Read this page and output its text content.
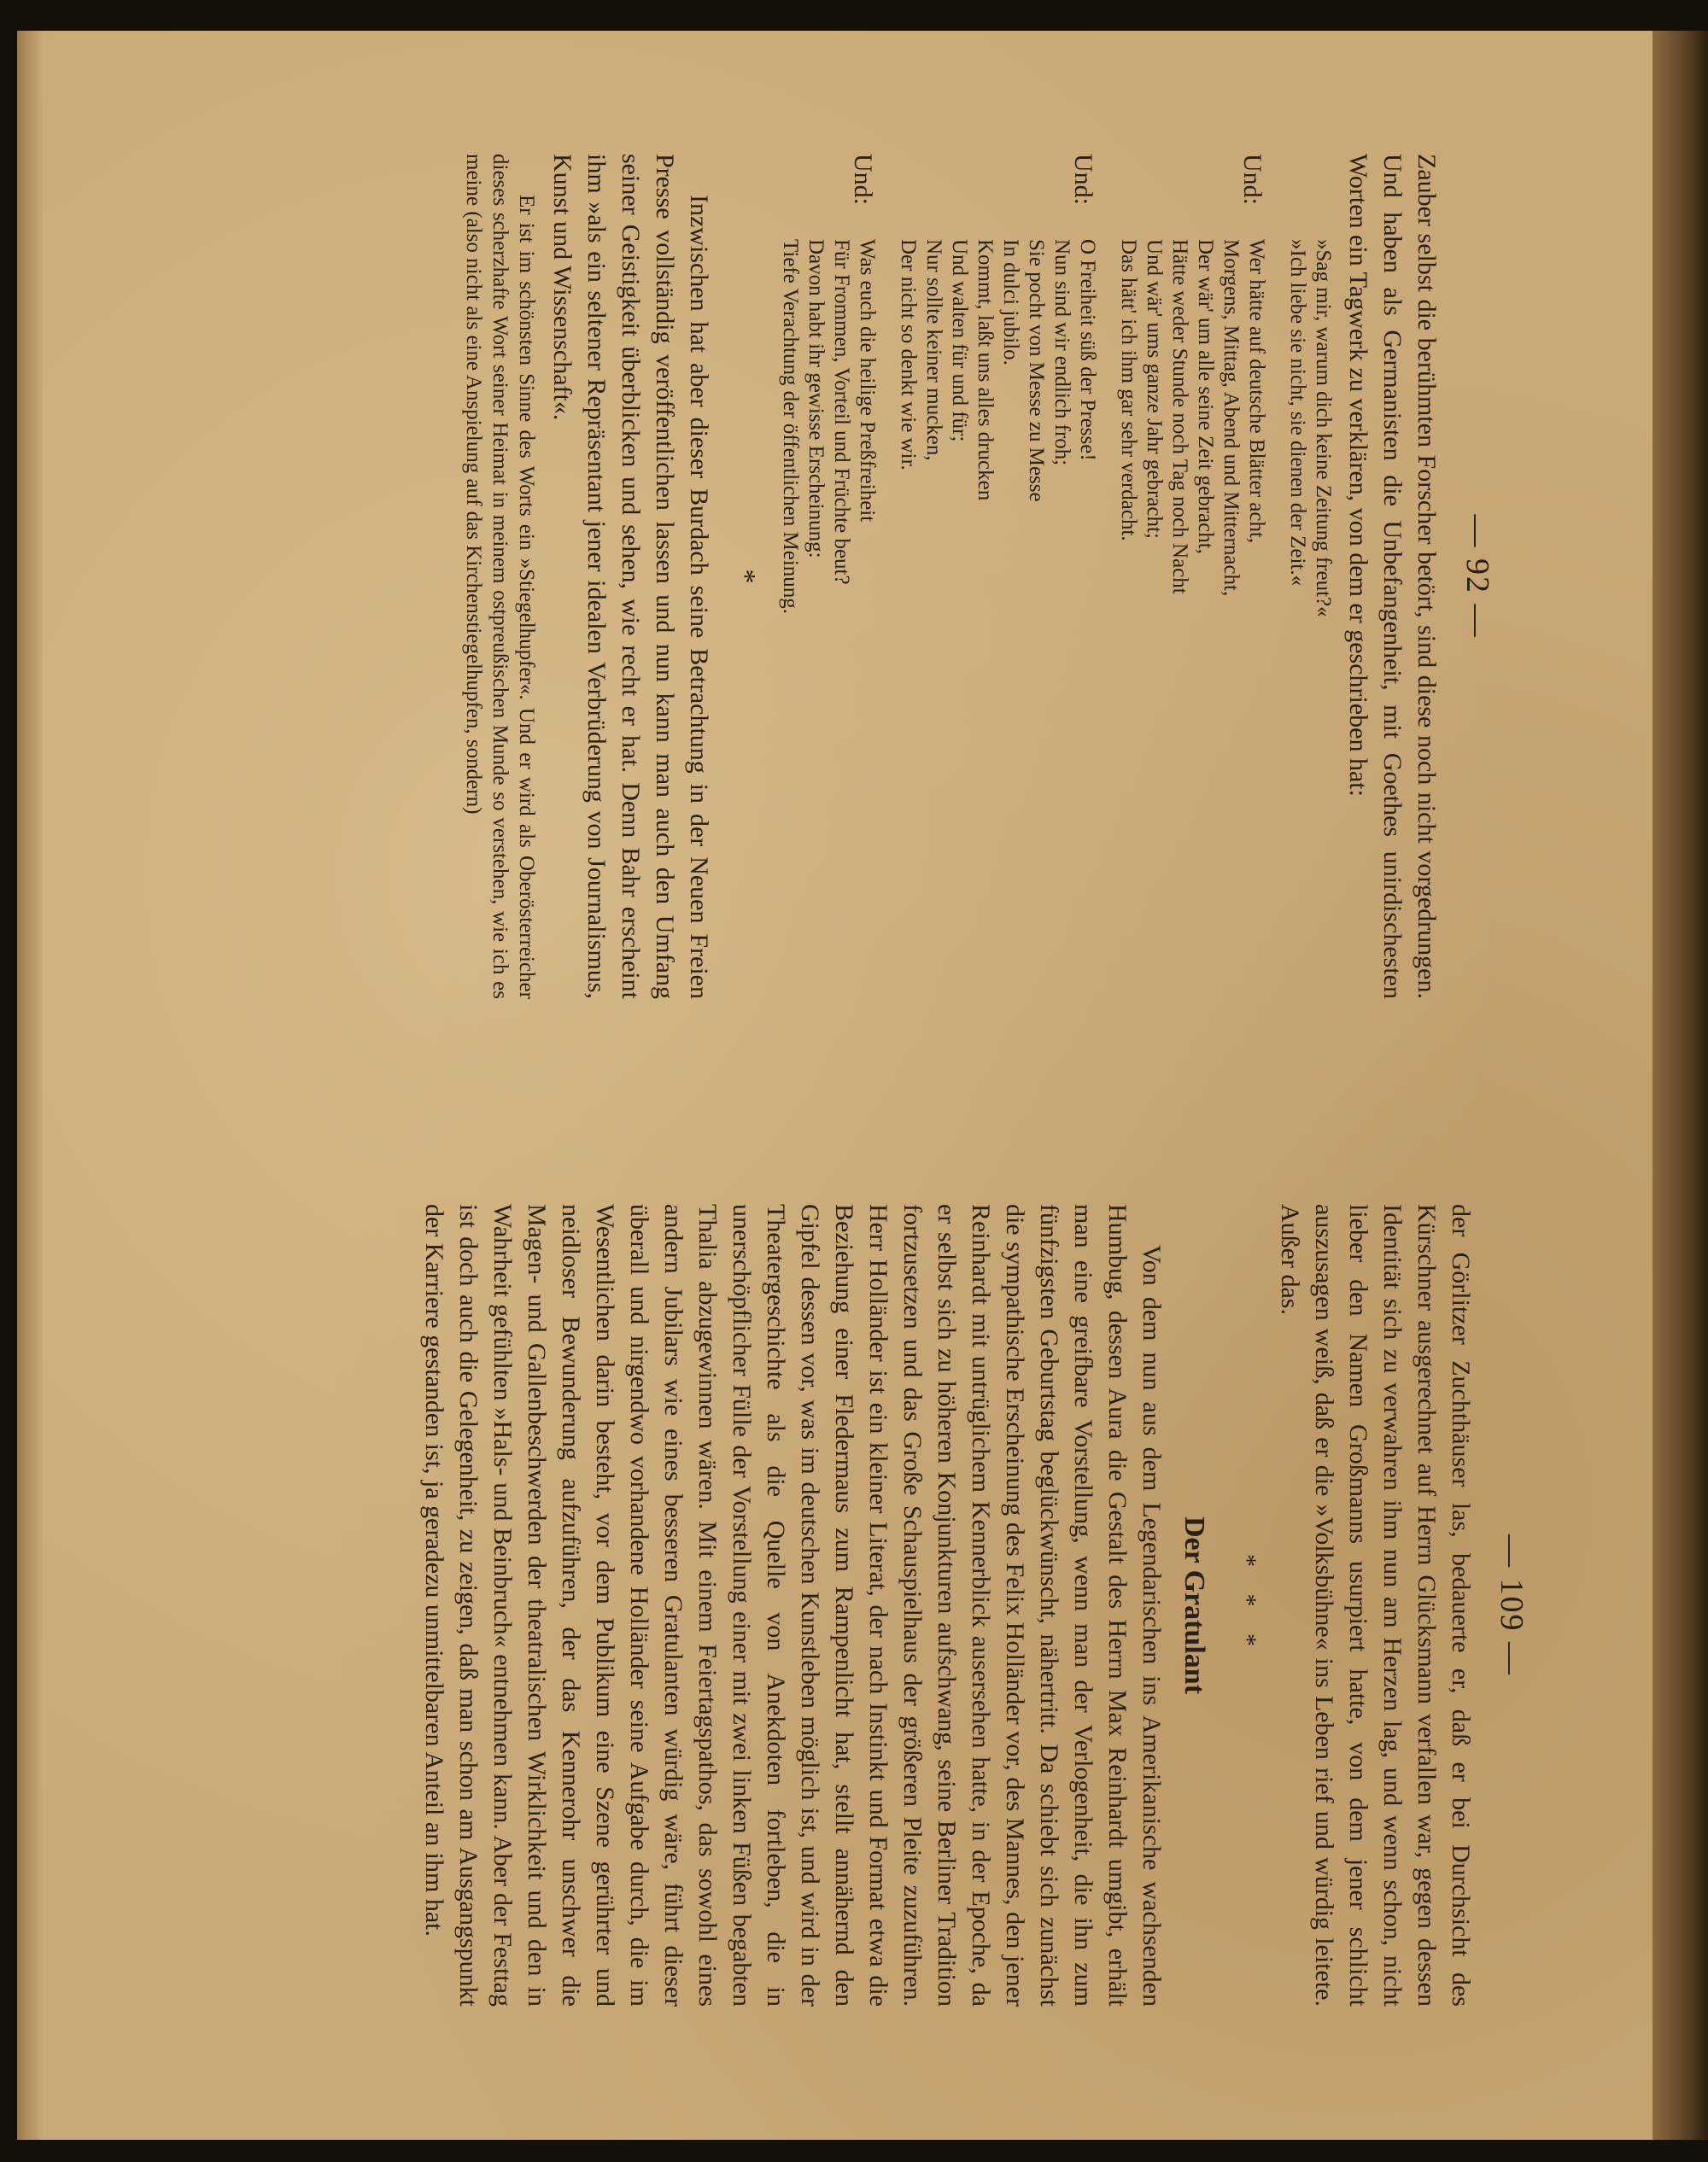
— 92 —

Zauber selbst die berühmten Forscher betört, sind diese noch nicht vorgedrungen. Und haben als Germanisten die Unbefangenheit, mit Goethes unirdischesten Worten ein Tagwerk zu verklären, von dem er geschrieben hat:

»Sag mir, warum dich keine Zeitung freut?«
»Ich liebe sie nicht, sie dienen der Zeit.«
Und:
Wer hätte auf deutsche Blätter acht,
Morgens, Mittag, Abend und Mitternacht,
Der wär' um alle seine Zeit gebracht,
Hätte weder Stunde noch Tag noch Nacht
Und wär' ums ganze Jahr gebracht;
Das hätt' ich ihm gar sehr verdacht.
Und:
O Freiheit süß der Presse!
Nun sind wir endlich froh;
Sie pocht von Messe zu Messe
In dulci jubilo.
Kommt, laßt uns alles drucken
Und walten für und für;
Nur sollte keiner mucken,
Der nicht so denkt wie wir.
Und:
Was euch die heilige Preßfreiheit
Für Frommen, Vorteil und Früchte beut?
Davon habt ihr gewisse Erscheinung:
Tiefe Verachtung der öffentlichen Meinung.
*

Inzwischen hat aber dieser Burdach seine Betrachtung in der Neuen Freien Presse vollständig veröffentlichen lassen und nun kann man auch den Umfang seiner Geistigkeit überblicken und sehen, wie recht er hat. Denn Bahr erscheint ihm »als ein seltener Repräsentant jener idealen Verbrüderung von Journalismus, Kunst und Wissenschaft«.

Er ist im schönsten Sinne des Worts ein »Stiegelhupfer«. Und er wird als Oberösterreicher dieses scherzhafte Wort seiner Heimat in meinem ostpreußischen Munde so verstehen, wie ich es meine (also nicht als eine Anspielung auf das Kirchenstiegelhupfen, sondern)

— 109 —

der Görlitzer Zuchthäuser las, bedauerte er, daß er bei Durchsicht des Kürschner ausgerechnet auf Herrn Glücksmann verfallen war, gegen dessen Identität sich zu verwahren ihm nun am Herzen lag, und wenn schon, nicht lieber den Namen Großmanns usurpiert hatte, von dem jener schlicht auszusagen weiß, daß er die »Volksbühne« ins Leben rief und würdig leitete. Außer das.

* * *
Der Gratulant

Von dem nun aus dem Legendarischen ins Amerikanische wachsenden Humbug, dessen Aura die Gestalt des Herrn Max Reinhardt umgibt, erhält man eine greifbare Vorstellung, wenn man der Verlogenheit, die ihn zum fünfzigsten Geburtstag beglückwünscht, nähertritt. Da schiebt sich zunächst die sympathische Erscheinung des Felix Holländer vor, des Mannes, den jener Reinhardt mit untrüglichem Kennerblick ausersehen hatte, in der Epoche, da er selbst sich zu höheren Konjunkturen aufschwang, seine Berliner Tradition fortzusetzen und das Große Schauspielhaus der größeren Pleite zuzuführen. Herr Holländer ist ein kleiner Literat, der nach Instinkt und Format etwa die Beziehung einer Fledermaus zum Rampenlicht hat, stellt annähernd den Gipfel dessen vor, was im deutschen Kunstleben möglich ist, und wird in der Theatergeschichte als die Quelle von Anekdoten fortleben, die in unerschöpflicher Fülle der Vorstellung einer mit zwei linken Füßen begabten Thalia abzugewinnen wären. Mit einem Feiertagspathos, das sowohl eines andern Jubilars wie eines besseren Gratulanten würdig wäre, führt dieser überall und nirgendwo vorhandene Holländer seine Aufgabe durch, die im Wesentlichen darin besteht, vor dem Publikum eine Szene gerührter und neidloser Bewunderung aufzuführen, der das Kennerohr unschwer die Magen- und Gallenbeschwerden der theatralischen Wirklichkeit und den in Wahrheit gefühlten »Hals- und Beinbruch« entnehmen kann. Aber der Festtag ist doch auch die Gelegenheit, zu zeigen, daß man schon am Ausgangspunkt der Karriere gestanden ist, ja geradezu unmittelbaren Anteil an ihm hat.
